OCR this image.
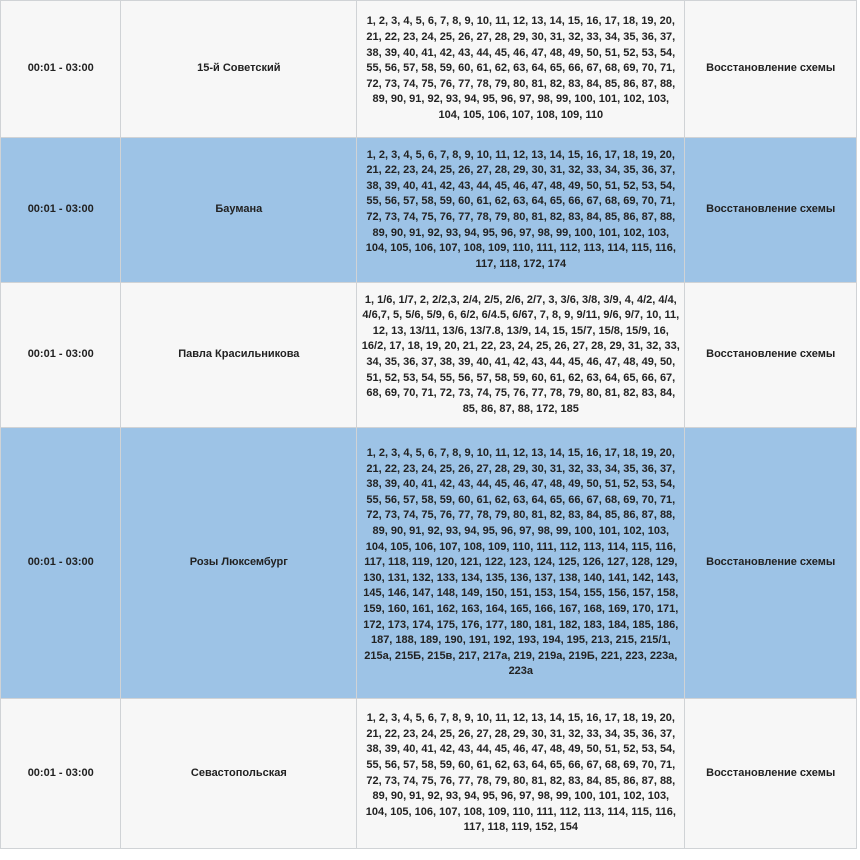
00:01 - 03:00	15-й Советский	1, 2, 3, 4, 5, 6, 7, 8, 9, 10, 11, 12, 13, 14, 15, 16, 17, 18, 19, 20, 21, 22, 23, 24, 25, 26, 27, 28, 29, 30, 31, 32, 33, 34, 35, 36, 37, 38, 39, 40, 41, 42, 43, 44, 45, 46, 47, 48, 49, 50, 51, 52, 53, 54, 55, 56, 57, 58, 59, 60, 61, 62, 63, 64, 65, 66, 67, 68, 69, 70, 71, 72, 73, 74, 75, 76, 77, 78, 79, 80, 81, 82, 83, 84, 85, 86, 87, 88, 89, 90, 91, 92, 93, 94, 95, 96, 97, 98, 99, 100, 101, 102, 103, 104, 105, 106, 107, 108, 109, 110	Восстановление схемы
00:01 - 03:00	Баумана	1, 2, 3, 4, 5, 6, 7, 8, 9, 10, 11, 12, 13, 14, 15, 16, 17, 18, 19, 20, 21, 22, 23, 24, 25, 26, 27, 28, 29, 30, 31, 32, 33, 34, 35, 36, 37, 38, 39, 40, 41, 42, 43, 44, 45, 46, 47, 48, 49, 50, 51, 52, 53, 54, 55, 56, 57, 58, 59, 60, 61, 62, 63, 64, 65, 66, 67, 68, 69, 70, 71, 72, 73, 74, 75, 76, 77, 78, 79, 80, 81, 82, 83, 84, 85, 86, 87, 88, 89, 90, 91, 92, 93, 94, 95, 96, 97, 98, 99, 100, 101, 102, 103, 104, 105, 106, 107, 108, 109, 110, 111, 112, 113, 114, 115, 116, 117, 118, 172, 174	Восстановление схемы
00:01 - 03:00	Павла Красильникова	1, 1/6, 1/7, 2, 2/2,3, 2/4, 2/5, 2/6, 2/7, 3, 3/6, 3/8, 3/9, 4, 4/2, 4/4, 4/6,7, 5, 5/6, 5/9, 6, 6/2, 6/4.5, 6/67, 7, 8, 9, 9/11, 9/6, 9/7, 10, 11, 12, 13, 13/11, 13/6, 13/7.8, 13/9, 14, 15, 15/7, 15/8, 15/9, 16, 16/2, 17, 18, 19, 20, 21, 22, 23, 24, 25, 26, 27, 28, 29, 31, 32, 33, 34, 35, 36, 37, 38, 39, 40, 41, 42, 43, 44, 45, 46, 47, 48, 49, 50, 51, 52, 53, 54, 55, 56, 57, 58, 59, 60, 61, 62, 63, 64, 65, 66, 67, 68, 69, 70, 71, 72, 73, 74, 75, 76, 77, 78, 79, 80, 81, 82, 83, 84, 85, 86, 87, 88, 172, 185	Восстановление схемы
00:01 - 03:00	Розы Люксембург	1, 2, 3, 4, 5, 6, 7, 8, 9, 10, 11, 12, 13, 14, 15, 16, 17, 18, 19, 20, 21, 22, 23, 24, 25, 26, 27, 28, 29, 30, 31, 32, 33, 34, 35, 36, 37, 38, 39, 40, 41, 42, 43, 44, 45, 46, 47, 48, 49, 50, 51, 52, 53, 54, 55, 56, 57, 58, 59, 60, 61, 62, 63, 64, 65, 66, 67, 68, 69, 70, 71, 72, 73, 74, 75, 76, 77, 78, 79, 80, 81, 82, 83, 84, 85, 86, 87, 88, 89, 90, 91, 92, 93, 94, 95, 96, 97, 98, 99, 100, 101, 102, 103, 104, 105, 106, 107, 108, 109, 110, 111, 112, 113, 114, 115, 116, 117, 118, 119, 120, 121, 122, 123, 124, 125, 126, 127, 128, 129, 130, 131, 132, 133, 134, 135, 136, 137, 138, 140, 141, 142, 143, 145, 146, 147, 148, 149, 150, 151, 153, 154, 155, 156, 157, 158, 159, 160, 161, 162, 163, 164, 165, 166, 167, 168, 169, 170, 171, 172, 173, 174, 175, 176, 177, 180, 181, 182, 183, 184, 185, 186, 187, 188, 189, 190, 191, 192, 193, 194, 195, 213, 215, 215/1, 215а, 215Б, 215в, 217, 217а, 219, 219а, 219Б, 221, 223, 223а, 223а	Восстановление схемы
00:01 - 03:00	Севастопольская	1, 2, 3, 4, 5, 6, 7, 8, 9, 10, 11, 12, 13, 14, 15, 16, 17, 18, 19, 20, 21, 22, 23, 24, 25, 26, 27, 28, 29, 30, 31, 32, 33, 34, 35, 36, 37, 38, 39, 40, 41, 42, 43, 44, 45, 46, 47, 48, 49, 50, 51, 52, 53, 54, 55, 56, 57, 58, 59, 60, 61, 62, 63, 64, 65, 66, 67, 68, 69, 70, 71, 72, 73, 74, 75, 76, 77, 78, 79, 80, 81, 82, 83, 84, 85, 86, 87, 88, 89, 90, 91, 92, 93, 94, 95, 96, 97, 98, 99, 100, 101, 102, 103, 104, 105, 106, 107, 108, 109, 110, 111, 112, 113, 114, 115, 116, 117, 118, 119, 152, 154	Восстановление схемы
